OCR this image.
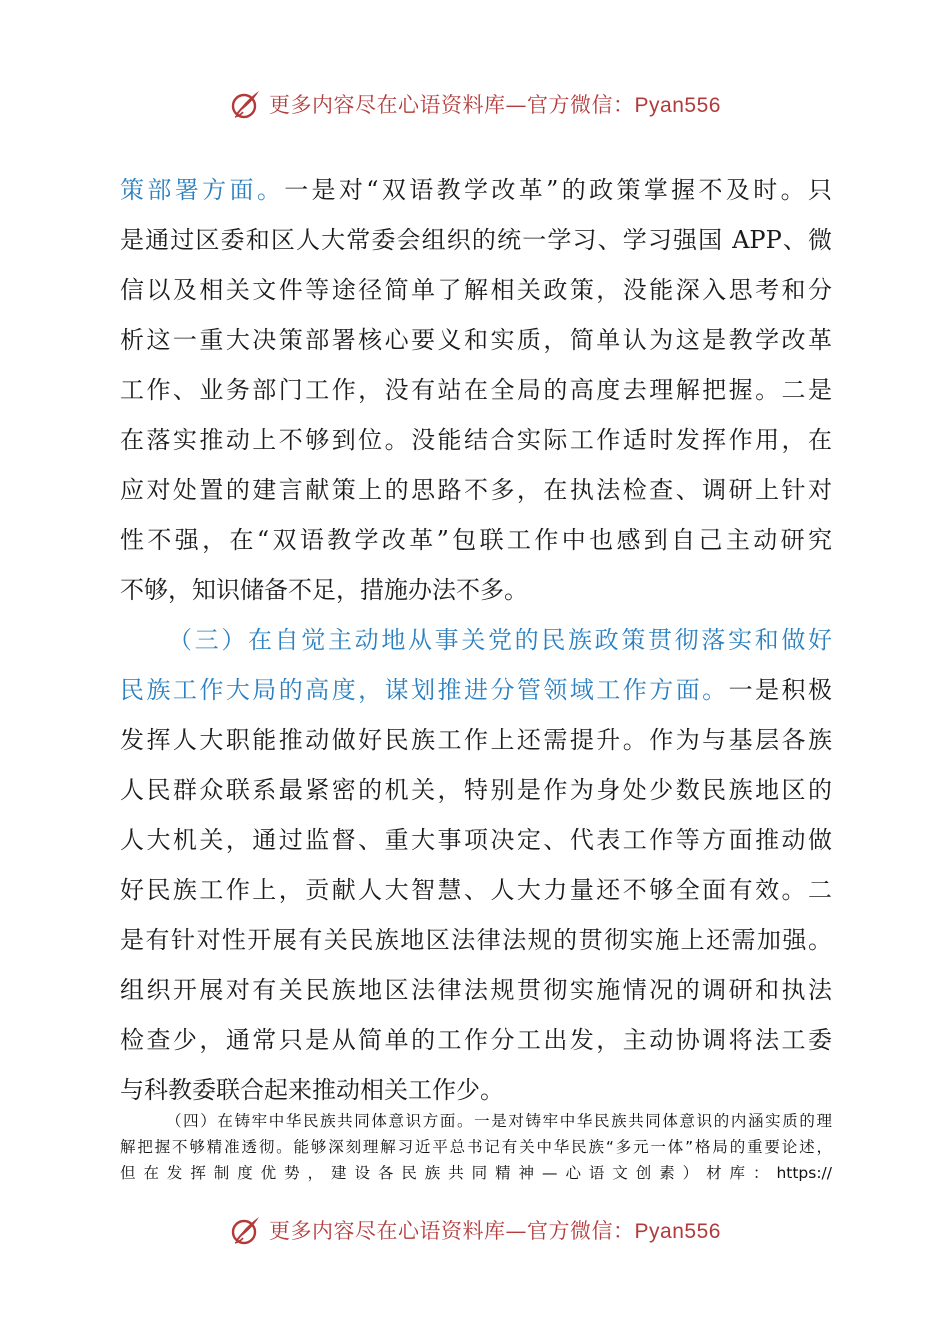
更多内容尽在心语资料库—官方微信：Pyan556
策部署方面。一是对“双语教学改革”的政策掌握不及时。只
是通过区委和区人大常委会组织的统一学习、学习强国 APP、微
信以及相关文件等途径简单了解相关政策，没能深入思考和分
析这一重大决策部署核心要义和实质，简单认为这是教学改革
工作、业务部门工作，没有站在全局的高度去理解把握。二是
在落实推动上不够到位。没能结合实际工作适时发挥作用，在
应对处置的建言献策上的思路不多，在执法检查、调研上针对
性不强，在“双语教学改革”包联工作中也感到自己主动研究
不够，知识储备不足，措施办法不多。
（三）在自觉主动地从事关党的民族政策贯彻落实和做好
民族工作大局的高度，谋划推进分管领域工作方面。一是积极
发挥人大职能推动做好民族工作上还需提升。作为与基层各族
人民群众联系最紧密的机关，特别是作为身处少数民族地区的
人大机关，通过监督、重大事项决定、代表工作等方面推动做
好民族工作上，贡献人大智慧、人大力量还不够全面有效。二
是有针对性开展有关民族地区法律法规的贯彻实施上还需加强。
组织开展对有关民族地区法律法规贯彻实施情况的调研和执法
检查少，通常只是从简单的工作分工出发，主动协调将法工委
与科教委联合起来推动相关工作少。
（四）在铸牢中华民族共同体意识方面。一是对铸牢中华民族共同体意识的内涵实质的理
解把握不够精准透彻。能够深刻理解习近平总书记有关中华民族“多元一体”格局的重要论述，
但在发挥制度优势，建设各民族共同精神—心语文创素）材库：https://
更多内容尽在心语资料库—官方微信：Pyan556
